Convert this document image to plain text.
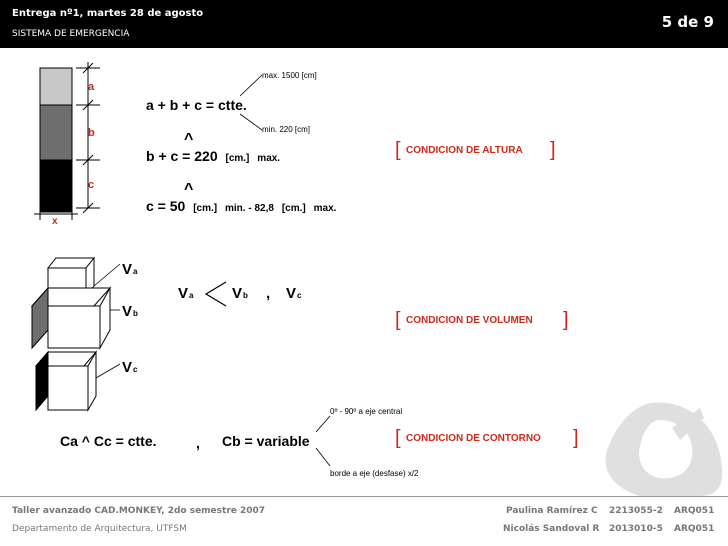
Entrega nº1, martes 28 de agosto
SISTEMA DE EMERGENCIA
5 de 9
a
b
c
x
a + b + c = ctte.
max. 1500 [cm]
min. 220 [cm]
^
b + c = 220 [cm.] max.
^
c = 50 [cm.] min. - 82,8 [cm.] max.
[ CONDICION DE ALTURA ]
Va
Vb
Vc
Va	Vb , Vc
[ CONDICION DE VOLUMEN ]
Ca ^ Cc = ctte.	, Cb = variable
0º - 90º a eje central
borde a eje (desfase) x/2
[ CONDICION DE CONTORNO ]
Taller avanzado CAD.MONKEY, 2do semestre 2007
Departamento de Arquitectura, UTFSM
Paulina Ramírez C 2213055-2 ARQ051
Nicolás Sandoval R 2013010-5 ARQ051
